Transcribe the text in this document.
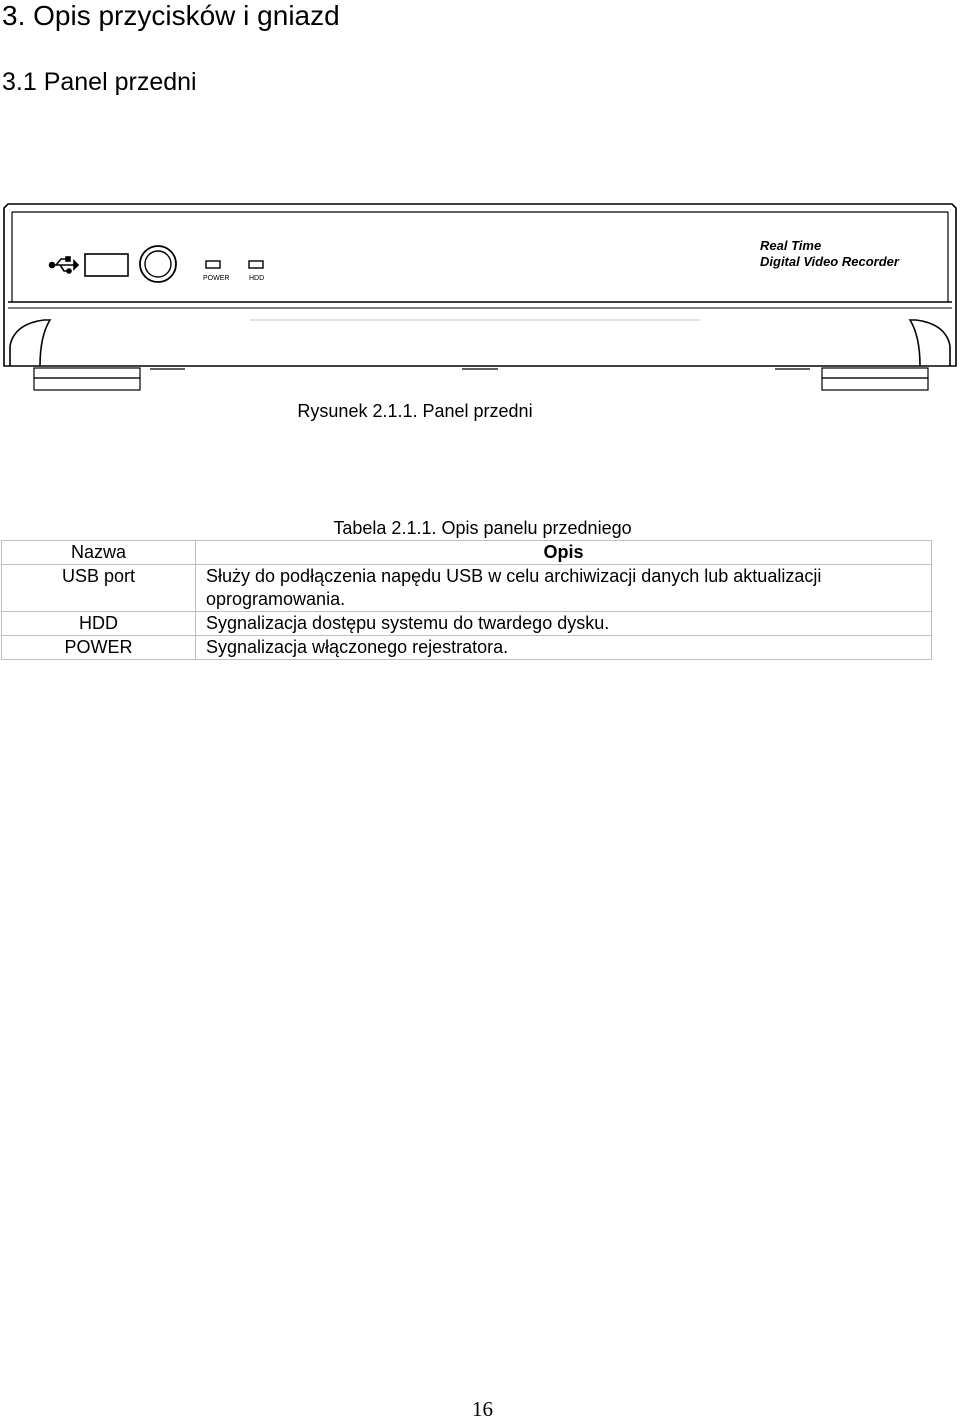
3. Opis przycisków i gniazd
3.1 Panel przedni
POWER	HDD
Real Time
Digital Video Recorder
Rysunek 2.1.1. Panel przedni
Tabela 2.1.1. Opis panelu przedniego
Nazwa	Opis
USB port	Służy do podłączenia napędu USB w celu archiwizacji danych lub aktualizacji oprogramowania.
HDD	Sygnalizacja dostępu systemu do twardego dysku.
POWER	Sygnalizacja włączonego rejestratora.
16
